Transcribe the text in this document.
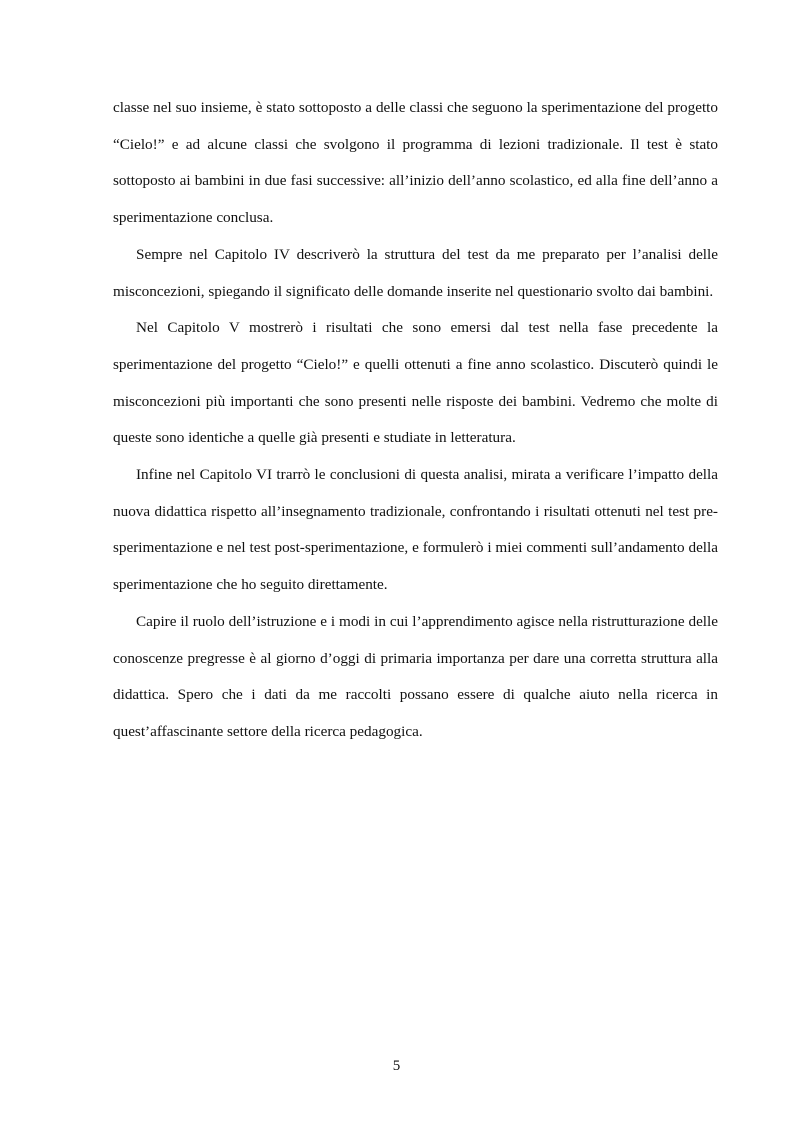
classe nel suo insieme, è stato sottoposto a delle classi che seguono la sperimentazione del progetto “Cielo!” e ad alcune classi che svolgono il programma di lezioni tradizionale. Il test è stato sottoposto ai bambini in due fasi successive: all’inizio dell’anno scolastico, ed alla fine dell’anno a sperimentazione conclusa.

Sempre nel Capitolo IV descriverò la struttura del test da me preparato per l’analisi delle misconcezioni, spiegando il significato delle domande inserite nel questionario svolto dai bambini.

Nel Capitolo V mostrerò i risultati che sono emersi dal test nella fase precedente la sperimentazione del progetto “Cielo!” e quelli ottenuti a fine anno scolastico. Discuterò quindi le misconcezioni più importanti che sono presenti nelle risposte dei bambini. Vedremo che molte di queste sono identiche a quelle già presenti e studiate in letteratura.

Infine nel Capitolo VI trarrò le conclusioni di questa analisi, mirata a verificare l’impatto della nuova didattica rispetto all’insegnamento tradizionale, confrontando i risultati ottenuti nel test pre-sperimentazione e nel test post-sperimentazione, e formulerò i miei commenti sull’andamento della sperimentazione che ho seguito direttamente.

Capire il ruolo dell’istruzione e i modi in cui l’apprendimento agisce nella ristrutturazione delle conoscenze pregresse è al giorno d’oggi di primaria importanza per dare una corretta struttura alla didattica. Spero che i dati da me raccolti possano essere di qualche aiuto nella ricerca in quest’affascinante settore della ricerca pedagogica.

5
